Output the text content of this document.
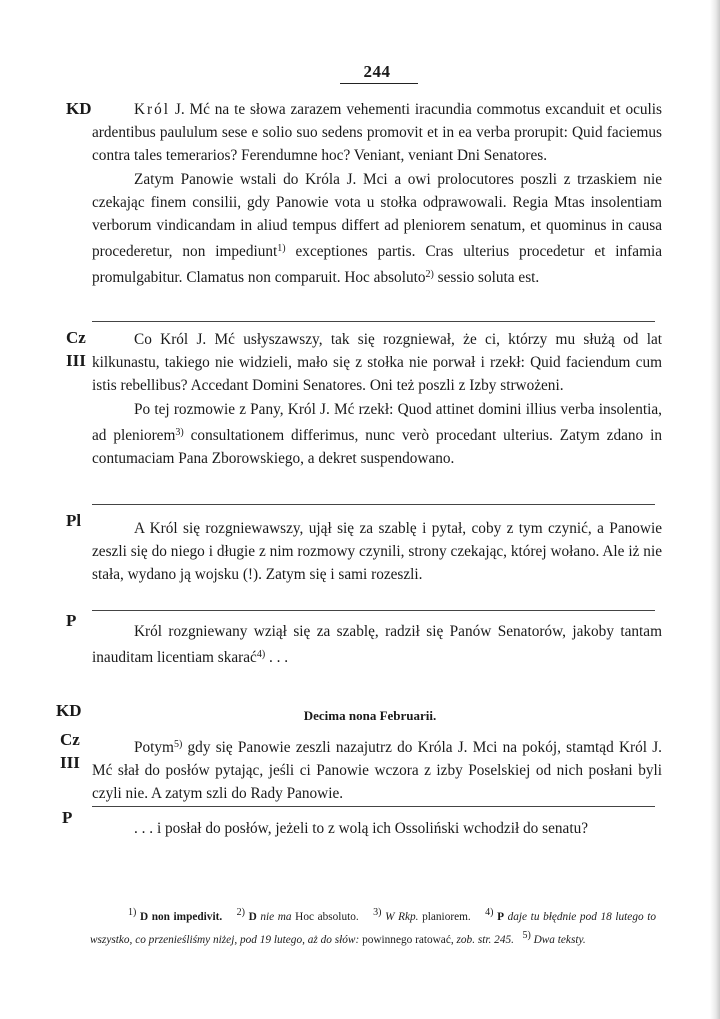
244
KD	Król J. Mć na te słowa zarazem vehementi iracundia commotus excanduit et oculis ardentibus paululum sese e solio suo sedens promovit et in ea verba prorupit: Quid faciemus contra tales temerarios? Ferendumne hoc? Veniant, veniant Dni Senatores.

Zatym Panowie wstali do Króla J. Mci a owi prolocutores poszli z trzaskiem nie czekając finem consilii, gdy Panowie vota u stołka odprawowali. Regia Mtas insolentiam verborum vindicandam in aliud tempus differt ad pleniorem senatum, et quominus in causa procederetur, non impediunt$^{1)}$ exceptiones partis. Cras ulterius procedetur et infamia promulgabitur. Clamatus non comparuit. Hoc absoluto$^{2)}$ sessio soluta est.

Cz
III

Co Król J. Mć usłyszawszy, tak się rozgniewał, że ci, którzy mu służą od lat kilkunastu, takiego nie widzieli, mało się z stołka nie porwał i rzekł: Quid faciendum cum istis rebellibus? Accedant Domini Senatores. Oni też poszli z Izby strwożeni.

Po tej rozmowie z Pany, Król J. Mć rzekł: Quod attinet domini illius verba insolentia, ad pleniorem$^{3)}$ consultationem differimus, nunc verò procedant ulterius. Zatym zdano in contumaciam Pana Zborowskiego, a dekret suspendowano.

Pl	A Król się rozgniewawszy, ujął się za szablę i pytał, coby z tym czynić, a Panowie zeszli się do niego i długie z nim rozmowy czynili, strony czekając, której wołano. Ale iż nie stała, wydano ją wojsku (!). Zatym się i sami rozeszli.

P

Król rozgniewany wziął się za szablę, radził się Panów Senatorów, jakoby tantam inauditam licentiam skarać$^{4)}$ . . .

KD	Decima nona Februarii.
Cz
III

Potym$^{5)}$ gdy się Panowie zeszli nazajutrz do Króla J. Mci na pokój, stamtąd Król J. Mć słał do posłów pytając, jeśli ci Panowie wczora z izby Poselskiej od nich posłani byli czyli nie. A zatym szli do Rady Panowie.

P

. . . i posłał do posłów, jeżeli to z wolą ich Ossoliński wchodził do senatu?

1) D non impedivit. 2) D nie ma Hoc absoluto. 3) W Rkp. planiorem. 4) P daje tu błędnie pod 18 lutego to wszystko, co przenieśliśmy niżej, pod 19 lutego, aż do słów: powinnego ratować, zob. str. 245. 5) Dwa teksty.
